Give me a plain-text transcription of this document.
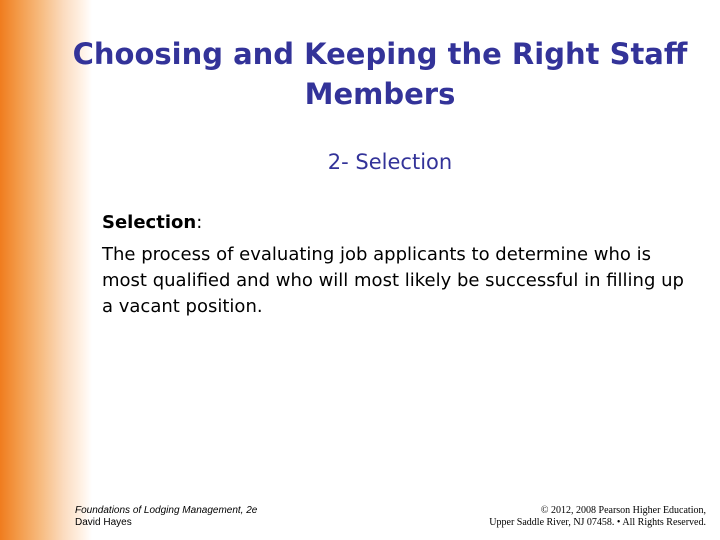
Choosing and Keeping the Right Staff Members
2- Selection
Selection:
The process of evaluating job applicants to determine who is most qualified and who will most likely be successful in filling up a vacant position.
Foundations of Lodging Management, 2e
David Hayes
© 2012, 2008 Pearson Higher Education,
Upper Saddle River, NJ 07458. • All Rights Reserved.
